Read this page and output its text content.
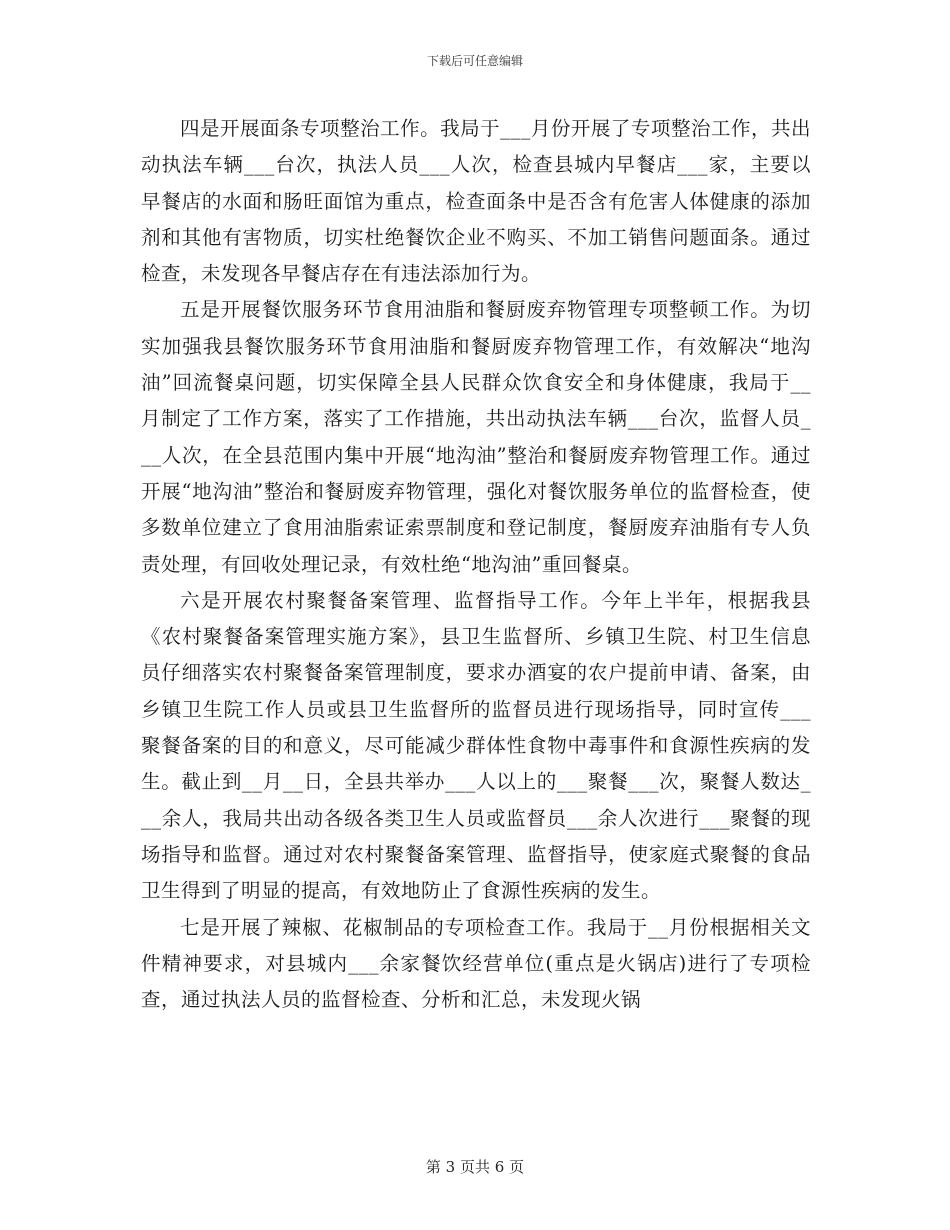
下载后可任意编辑

四是开展面条专项整治工作。我局于___月份开展了专项整治工作，共出动执法车辆___台次，执法人员___人次，检查县城内早餐店___家，主要以早餐店的水面和肠旺面馆为重点，检查面条中是否含有危害人体健康的添加剂和其他有害物质，切实杜绝餐饮企业不购买、不加工销售问题面条。通过检查，未发现各早餐店存在有违法添加行为。

五是开展餐饮服务环节食用油脂和餐厨废弃物管理专项整顿工作。为切实加强我县餐饮服务环节食用油脂和餐厨废弃物管理工作，有效解决“地沟油”回流餐桌问题，切实保障全县人民群众饮食安全和身体健康，我局于__月制定了工作方案，落实了工作措施，共出动执法车辆___台次，监督人员___人次，在全县范围内集中开展“地沟油”整治和餐厨废弃物管理工作。通过开展“地沟油”整治和餐厨废弃物管理，强化对餐饮服务单位的监督检查，使多数单位建立了食用油脂索证索票制度和登记制度，餐厨废弃油脂有专人负责处理，有回收处理记录，有效杜绝“地沟油”重回餐桌。

六是开展农村聚餐备案管理、监督指导工作。今年上半年，根据我县《农村聚餐备案管理实施方案》，县卫生监督所、乡镇卫生院、村卫生信息员仔细落实农村聚餐备案管理制度，要求办酒宴的农户提前申请、备案，由乡镇卫生院工作人员或县卫生监督所的监督员进行现场指导，同时宣传___聚餐备案的目的和意义，尽可能减少群体性食物中毒事件和食源性疾病的发生。截止到__月__日，全县共举办___人以上的___聚餐___次，聚餐人数达___余人，我局共出动各级各类卫生人员或监督员___余人次进行___聚餐的现场指导和监督。通过对农村聚餐备案管理、监督指导，使家庭式聚餐的食品卫生得到了明显的提高，有效地防止了食源性疾病的发生。

七是开展了辣椒、花椒制品的专项检查工作。我局于__月份根据相关文件精神要求，对县城内___余家餐饮经营单位(重点是火锅店)进行了专项检查，通过执法人员的监督检查、分析和汇总，未发现火锅

第 3 页共 6 页
